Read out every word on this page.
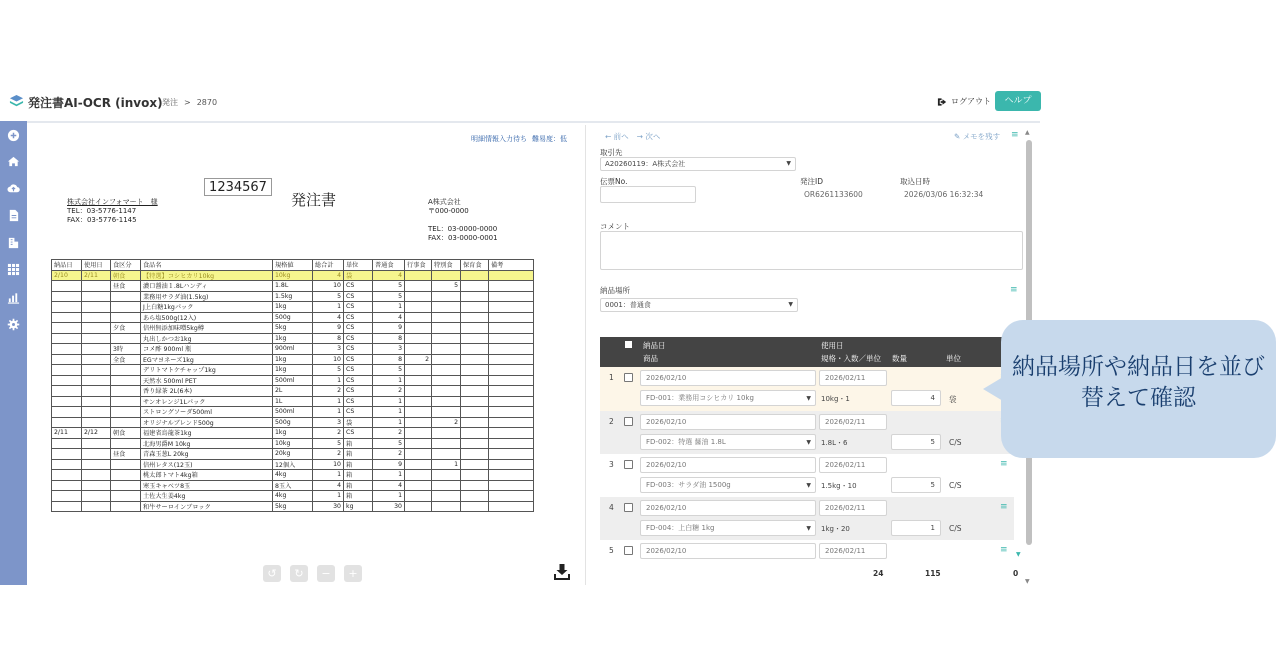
発注書AI-OCR (invox) 発注 > 2870	ログアウト	ヘルプ
明細情報入力待ち 難易度：低
1234567
発注書
株式会社インフォマート　様
TEL：03-5776-1147
FAX：03-5776-1145
A株式会社
〒000-0000
TEL：03-0000-0000
FAX：03-0000-0001
納品日	使用日	食区分	食品名	規格値	総合計	単位	普通食	行事食	特別食	保育食	備考
2/10	2/11	朝食	【特選】コシヒカリ10kg	10kg	4	袋	4				
		昼食	濃口醤油１.8Lハンディ	1.8L	10	CS	5		5		
			業務用サラダ油(1.5kg)	1.5kg	5	CS	5				
			J上白糖1kgパック	1kg	1	CS	1				
			あら塩500g(12入)	500g	4	CS	4				
		夕食	信州無添加味噌5kg樽	5kg	9	CS	9				
			丸出しかつお1kg	1kg	8	CS	8				
		3時	コメ酢 900ml 瓶	900ml	3	CS	3				
		全食	EGマヨネーズ1kg	1kg	10	CS	8	2			
			デリトマトケチャップ1kg	1kg	5	CS	5				
			天然水 500ml PET	500ml	1	CS	1				
			香り緑茶 2L(6本)	2L	2	CS	2				
			サンオレンジ1Lパック	1L	1	CS	1				
			ストロングソーダ500ml	500ml	1	CS	1				
			オリジナルブレンド500g	500g	3	袋	1		2		
2/11	2/12	朝食	福建省烏龍茶1kg	1kg	2	CS	2				
			北海男爵M 10kg	10kg	5	箱	5				
		昼食	青森玉葱L 20kg	20kg	2	箱	2				
			信州レタス(12玉)	12個入	10	箱	9		1		
			桃太郎トマト4kg箱	4kg	1	箱	1				
			寒玉キャベツ8玉	8玉入	4	箱	4				
			土佐大生姜4kg	4kg	1	箱	1				
			和牛サーロインブロック	5kg	30	kg	30				
↺	↻	−	+
← 前へ → 次へ	✎ メモを残す ≡
取引先
A20260119：A株式会社	▼
伝票No.	発注ID
OR6261133600
取込日時
2026/03/06 16:32:34
コメント
納品場所
0001：普通食	▼
≡
納品日
商品
使用日
規格・入数／単位 数量	単位
1	2026/02/10	2026/02/11
FD-001：業務用コシヒカリ 10kg	▼ 10kg・1	4	袋
2	2026/02/10	2026/02/11
FD-002：特選 醤油 1.8L	▼ 1.8L・6	5	C/S
3	2026/02/10	2026/02/11	≡
FD-003：サラダ油 1500g	▼ 1.5kg・10	5	C/S
4	2026/02/10	2026/02/11
FD-004：上白糖 1kg	▼ 1kg・20	1	C/S
≡
5	2026/02/10	2026/02/11	≡
24	115	0
▲
▼
▼
納品場所や納品日を並び替えて確認
